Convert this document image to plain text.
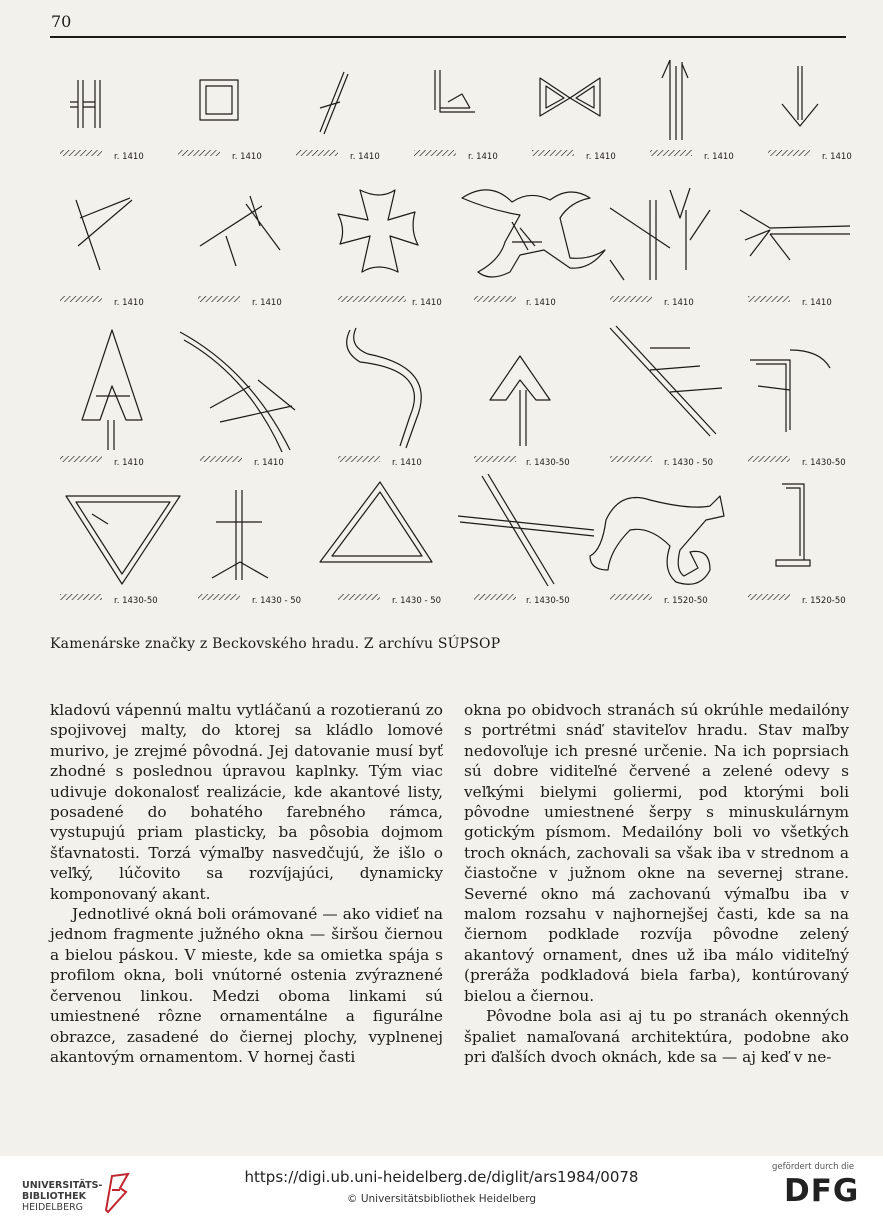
70
r. 1410	r. 1410	r. 1410	r. 1410	r. 1410	r. 1410	r. 1410
r. 1410	r. 1410	r. 1410	r. 1410	r. 1410	r. 1410
r. 1410	r. 1410	r. 1410	r. 1430-50	r. 1430 - 50	r. 1430-50
r. 1430-50	r. 1430 - 50	r. 1430 - 50	r. 1430-50	r. 1520-50	r. 1520-50
Kamenárske značky z Beckovského hradu. Z archívu SÚPSOP

kladovú vápennú maltu vytláčanú a rozotieranú zo spojivovej malty, do ktorej sa kládlo lomové murivo, je zrejmé pôvodná. Jej datovanie musí byť zhodné s poslednou úpravou kaplnky. Tým viac udivuje dokonalosť realizácie, kde akantové listy, posadené do bohatého farebného rámca, vystupujú priam plasticky, ba pôsobia dojmom šťavnatosti. Torzá výmaľby nasvedčujú, že išlo o veľký, lúčovito sa rozvíjajúci, dynamicky komponovaný akant.

Jednotlivé okná boli orámované — ako vidieť na jednom fragmente južného okna — širšou čiernou a bielou páskou. V mieste, kde sa omietka spája s profilom okna, boli vnútorné ostenia zvýraznené červenou linkou. Medzi oboma linkami sú umiestnené rôzne ornamentálne a figurálne obrazce, zasadené do čiernej plochy, vyplnenej akantovým ornamentom. V hornej časti

okna po obidvoch stranách sú okrúhle medailóny s portrétmi snáď staviteľov hradu. Stav maľby nedovoľuje ich presné určenie. Na ich poprsiach sú dobre viditeľné červené a zelené odevy s veľkými bielymi goliermi, pod ktorými boli pôvodne umiestnené šerpy s minuskulárnym gotickým písmom. Medailóny boli vo všetkých troch oknách, zachovali sa však iba v strednom a čiastočne v južnom okne na severnej strane. Severné okno má zachovanú výmaľbu iba v malom rozsahu v najhornejšej časti, kde sa na čiernom podklade rozvíja pôvodne zelený akantový ornament, dnes už iba málo viditeľný (preráža podkladová biela farba), kontúrovaný bielou a čiernou.

Pôvodne bola asi aj tu po stranách okenných špaliet namaľovaná architektúra, podobne ako pri ďalších dvoch oknách, kde sa — aj keď v ne-

UNIVERSITÄTS-
BIBLIOTHEK
HEIDELBERG
https://digi.ub.uni-heidelberg.de/diglit/ars1984/0078
© Universitätsbibliothek Heidelberg
gefördert durch die
DFG
